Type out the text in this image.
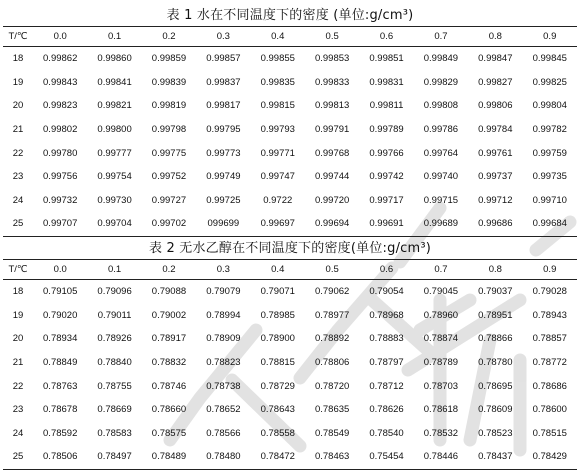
表 1 水在不同温度下的密度 (单位:g/cm³)
T/℃	0.0	0.1	0.2	0.3	0.4	0.5	0.6	0.7	0.8	0.9
18	0.99862	0.99860	0.99859	0.99857	0.99855	0.99853	0.99851	0.99849	0.99847	0.99845
19	0.99843	0.99841	0.99839	0.99837	0.99835	0.99833	0.99831	0.99829	0.99827	0.99825
20	0.99823	0.99821	0.99819	0.99817	0.99815	0.99813	0.99811	0.99808	0.99806	0.99804
21	0.99802	0.99800	0.99798	0.99795	0.99793	0.99791	0.99789	0.99786	0.99784	0.99782
22	0.99780	0.99777	0.99775	0.99773	0.99771	0.99768	0.99766	0.99764	0.99761	0.99759
23	0.99756	0.99754	0.99752	0.99749	0.99747	0.99744	0.99742	0.99740	0.99737	0.99735
24	0.99732	0.99730	0.99727	0.99725	0.9722	0.99720	0.99717	0.99715	0.99712	0.99710
25	0.99707	0.99704	0.99702	099699	0.99697	0.99694	0.99691	0.99689	0.99686	0.99684
表 2 无水乙醇在不同温度下的密度(单位:g/cm³)
T/℃	0.0	0.1	0.2	0.3	0.4	0.5	0.6	0.7	0.8	0.9
18	0.79105	0.79096	0.79088	0.79079	0.79071	0.79062	0.79054	0.79045	0.79037	0.79028
19	0.79020	0.79011	0.79002	0.78994	0.78985	0.78977	0.78968	0.78960	0.78951	0.78943
20	0.78934	0.78926	0.78917	0.78909	0.78900	0.78892	0.78883	0.78874	0.78866	0.78857
21	0.78849	0.78840	0.78832	0.78823	0.78815	0.78806	0.78797	0.78789	0.78780	0.78772
22	0.78763	0.78755	0.78746	0.78738	0.78729	0.78720	0.78712	0.78703	0.78695	0.78686
23	0.78678	0.78669	0.78660	0.78652	0.78643	0.78635	0.78626	0.78618	0.78609	0.78600
24	0.78592	0.78583	0.78575	0.78566	0.78558	0.78549	0.78540	0.78532	0.78523	0.78515
25	0.78506	0.78497	0.78489	0.78480	0.78472	0.78463	0.75454	0.78446	0.78437	0.78429
